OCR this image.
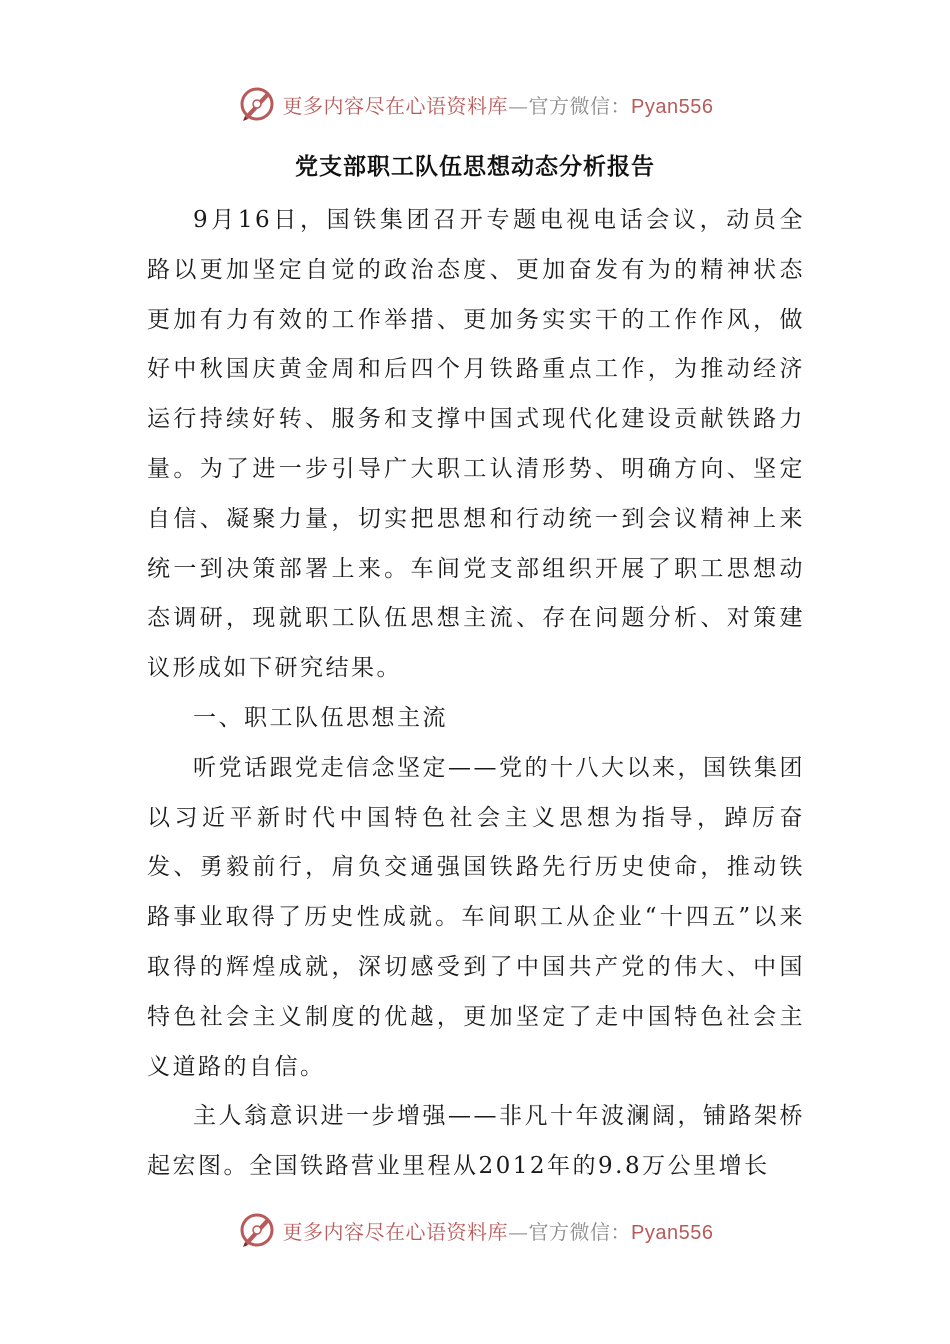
更多内容尽在心语资料库—官方微信：Pyan556
党支部职工队伍思想动态分析报告

9月16日，国铁集团召开专题电视电话会议，动员全路以更加坚定自觉的政治态度、更加奋发有为的精神状态更加有力有效的工作举措、更加务实实干的工作作风，做好中秋国庆黄金周和后四个月铁路重点工作，为推动经济运行持续好转、服务和支撑中国式现代化建设贡献铁路力量。为了进一步引导广大职工认清形势、明确方向、坚定自信、凝聚力量，切实把思想和行动统一到会议精神上来统一到决策部署上来。车间党支部组织开展了职工思想动态调研，现就职工队伍思想主流、存在问题分析、对策建议形成如下研究结果。

一、职工队伍思想主流

听党话跟党走信念坚定——党的十八大以来，国铁集团以习近平新时代中国特色社会主义思想为指导，踔厉奋发、勇毅前行，肩负交通强国铁路先行历史使命，推动铁路事业取得了历史性成就。车间职工从企业“十四五”以来取得的辉煌成就，深切感受到了中国共产党的伟大、中国特色社会主义制度的优越，更加坚定了走中国特色社会主义道路的自信。

主人翁意识进一步增强——非凡十年波澜阔，铺路架桥起宏图。全国铁路营业里程从2012年的9.8万公里增长

更多内容尽在心语资料库—官方微信：Pyan556
